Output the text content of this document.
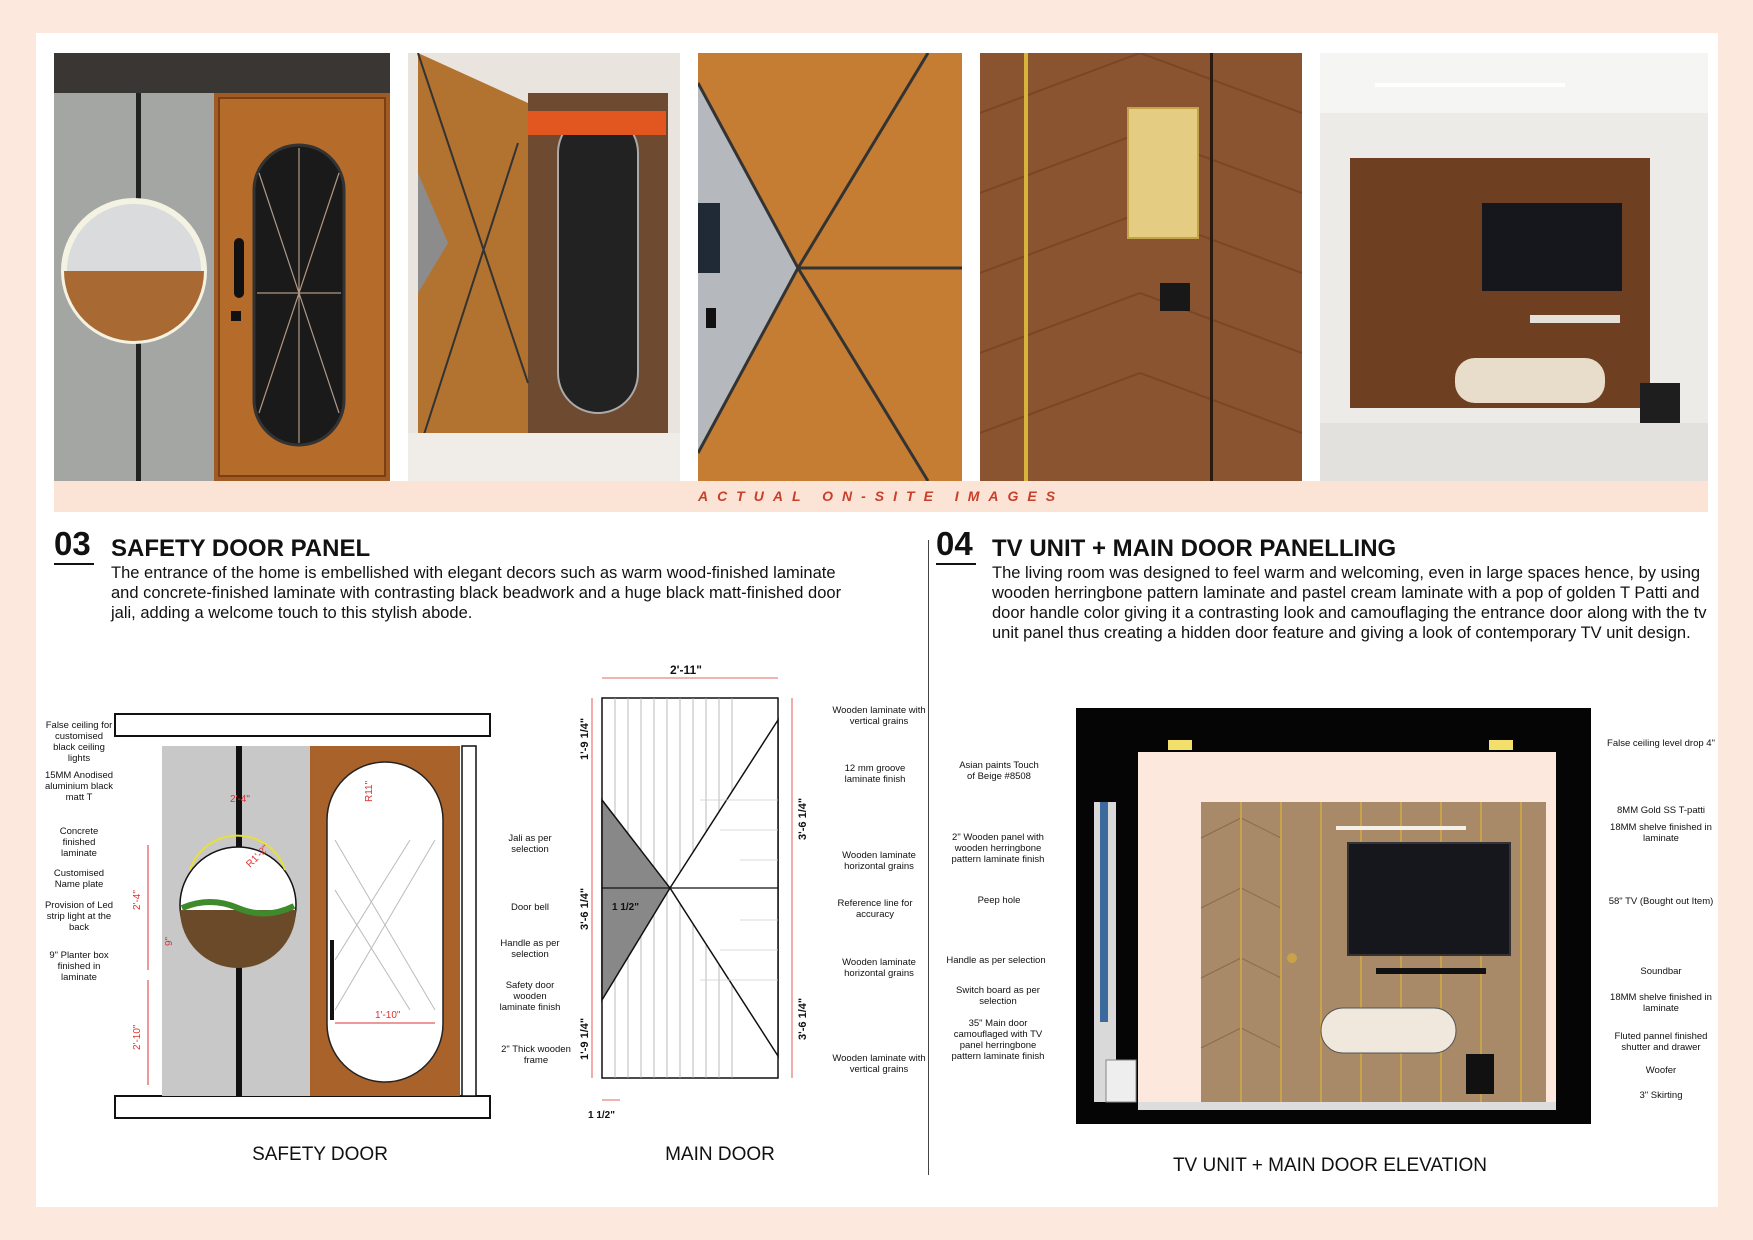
ACTUAL ON-SITE IMAGES
03 SAFETY DOOR PANEL
The entrance of the home is embellished with elegant decors such as warm wood-finished laminate and concrete-finished laminate with contrasting black beadwork and a huge black matt-finished door jali, adding a welcome touch to this stylish abode.
04 TV UNIT + MAIN DOOR PANELLING
The living room was designed to feel warm and welcoming, even in large spaces hence, by using wooden herringbone pattern laminate and pastel cream laminate with a pop of golden T Patti and door handle color giving it a contrasting look and camouflaging the entrance door along with the tv unit panel thus creating a hidden door feature and giving a look of contemporary TV unit design.
2'-4"	R11"
R1'-2"
2'-4"
9"
2'-10"
1'-10"
False ceiling for customised black ceiling lights
15MM Anodised aluminium black matt T
Concrete finished laminate
Customised Name plate
Provision of Led strip light at the back
9" Planter box finished in laminate
Jali as per selection
Door bell
Handle as per selection
Safety door wooden laminate finish
2" Thick wooden frame
SAFETY DOOR
2'-11"
1'-9 1/4"
3'-6 1/4"
1'-9 1/4"
3'-6 1/4"
3'-6 1/4"
1 1/2"
1 1/2"
Wooden laminate with vertical grains
12 mm groove laminate finish
Wooden laminate horizontal grains
Reference line for accuracy
Wooden laminate horizontal grains
Wooden laminate with vertical grains
MAIN DOOR
Asian paints Touch of Beige #8508
2" Wooden panel with wooden herringbone pattern laminate finish
Peep hole
Handle as per selection
Switch board as per selection
35" Main door camouflaged with TV panel herringbone pattern laminate finish
False ceiling level drop 4"
8MM Gold SS T-patti
18MM shelve finished in laminate
58" TV (Bought out Item)
Soundbar
18MM shelve finished in laminate
Fluted pannel finished shutter and drawer
Woofer
3" Skirting
TV UNIT + MAIN DOOR ELEVATION
